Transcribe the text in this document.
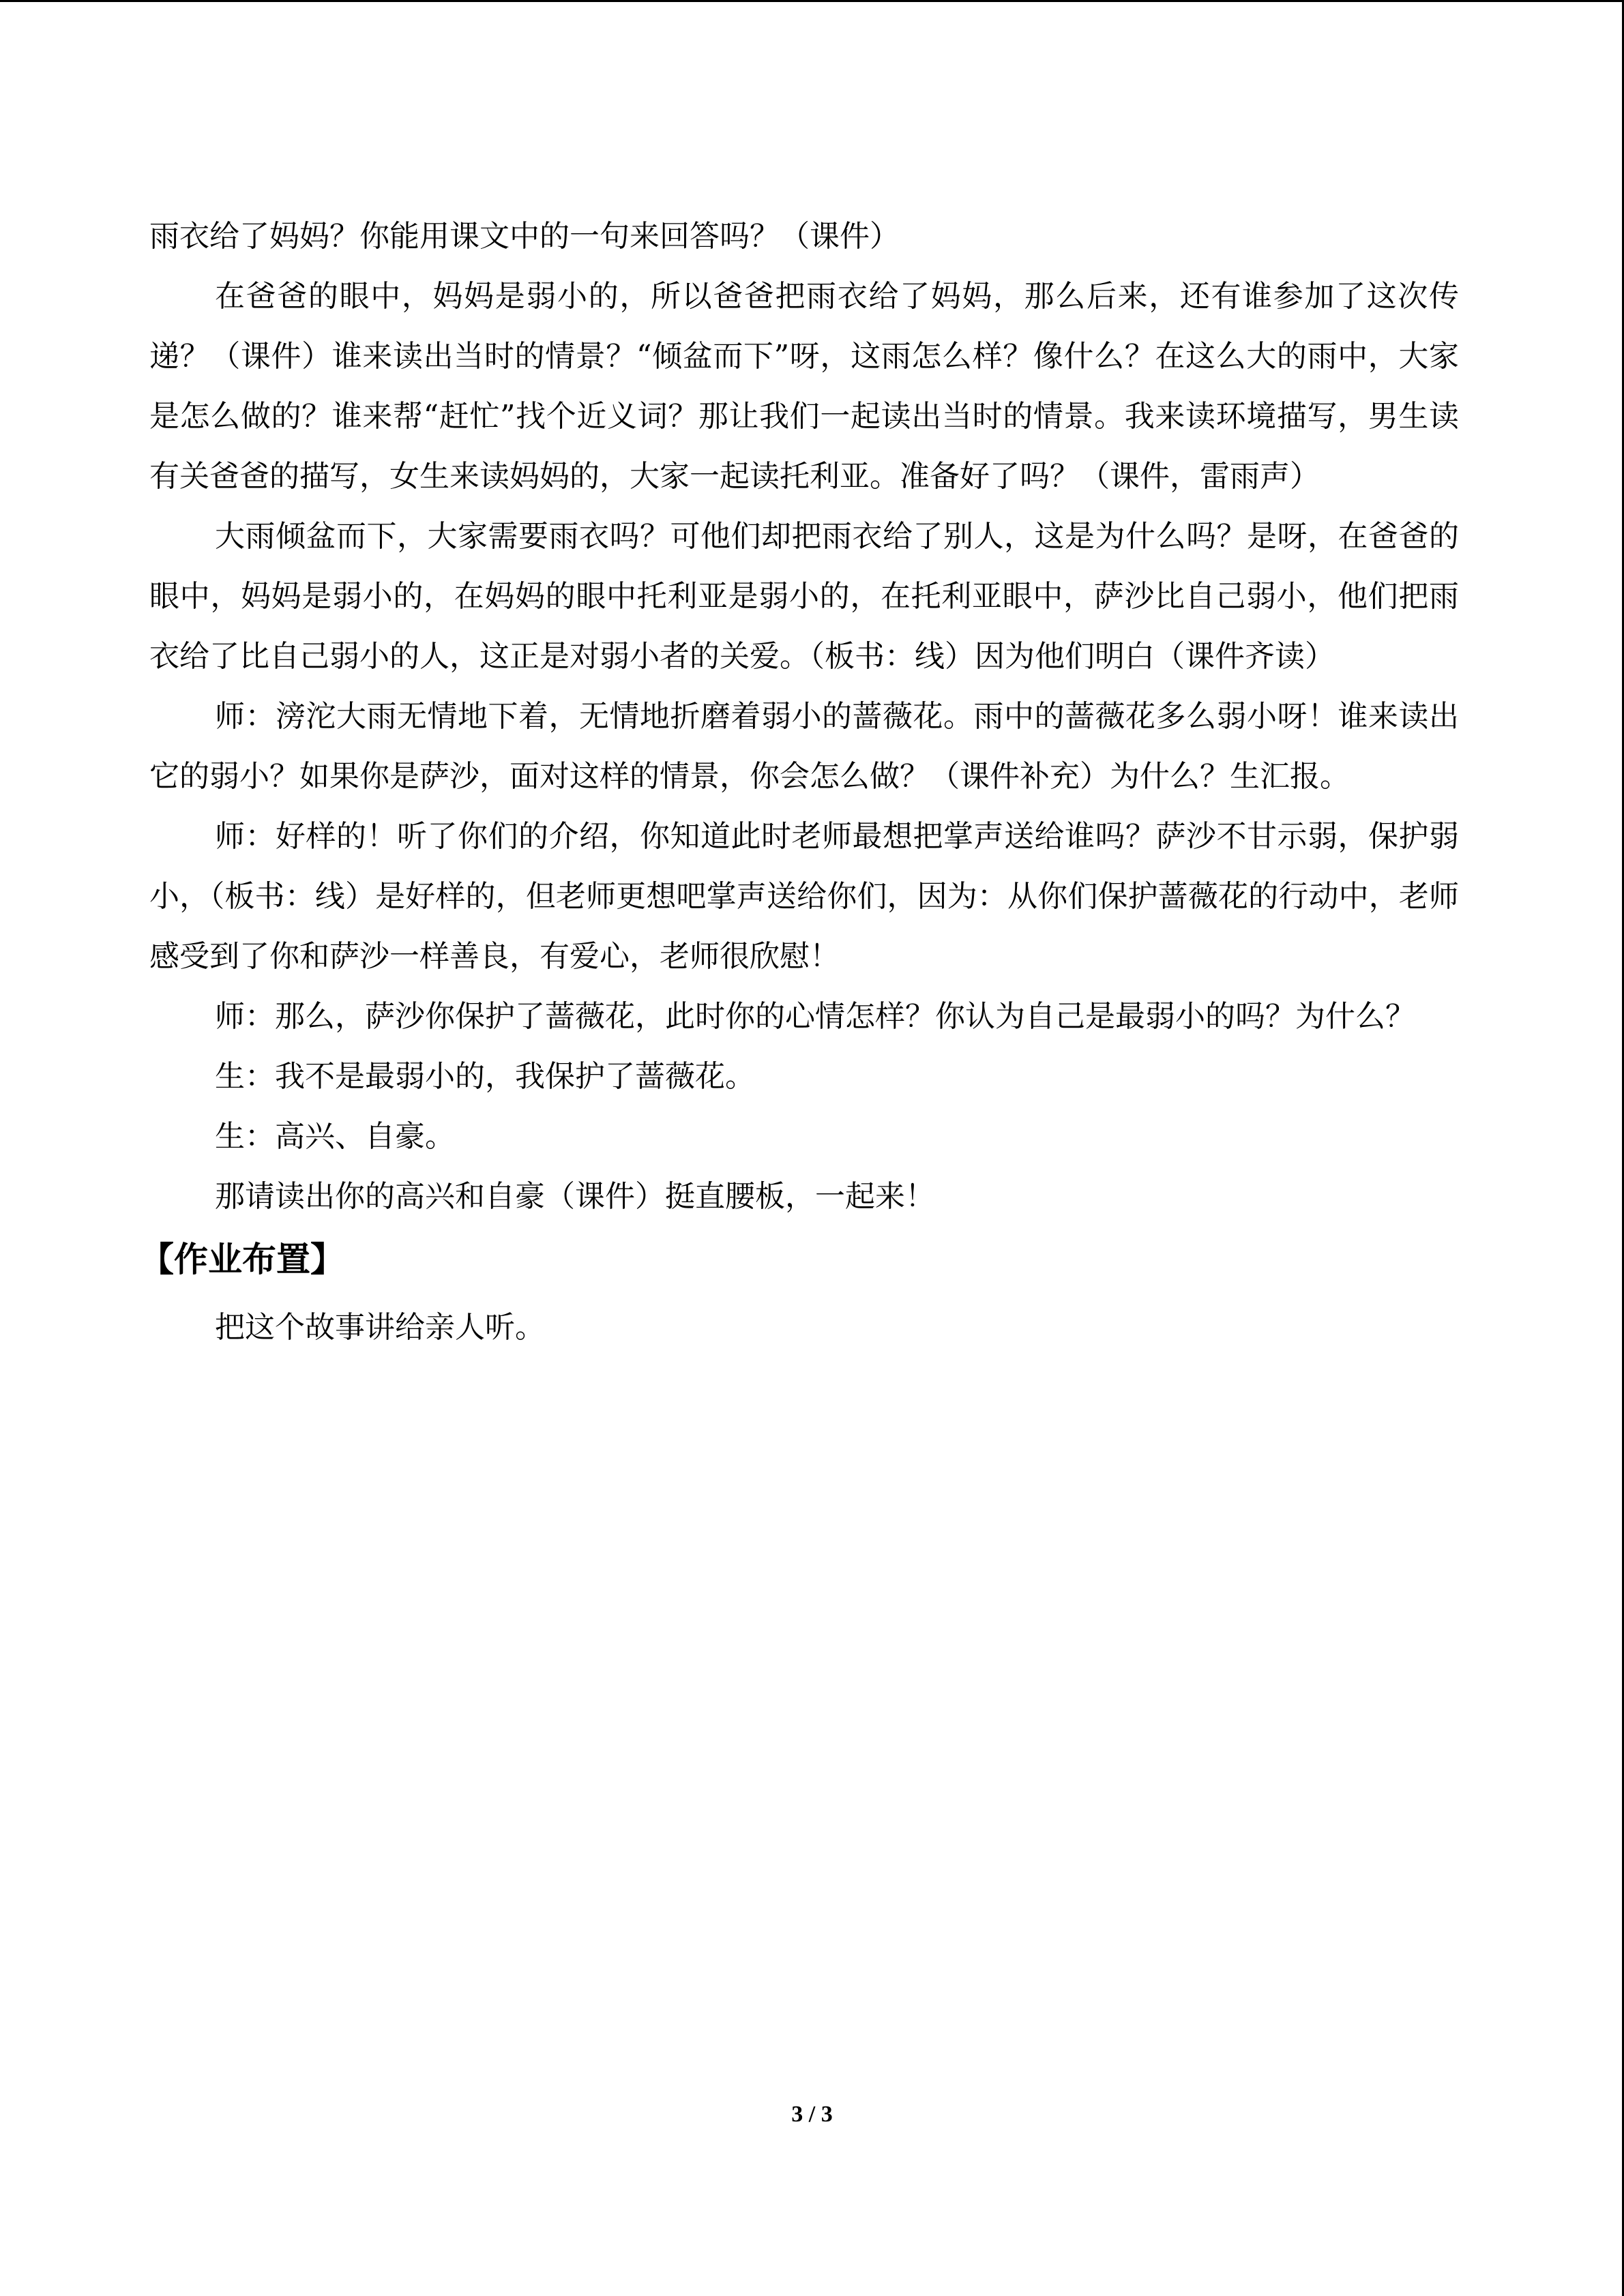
雨衣给了妈妈？你能用课文中的一句来回答吗？（课件）

在爸爸的眼中，妈妈是弱小的，所以爸爸把雨衣给了妈妈，那么后来，还有谁参加了这次传递？（课件）谁来读出当时的情景？“倾盆而下”呀，这雨怎么样？像什么？在这么大的雨中，大家是怎么做的？谁来帮“赶忙”找个近义词？那让我们一起读出当时的情景。我来读环境描写，男生读有关爸爸的描写，女生来读妈妈的，大家一起读托利亚。准备好了吗？（课件，雷雨声）

大雨倾盆而下，大家需要雨衣吗？可他们却把雨衣给了别人，这是为什么吗？是呀，在爸爸的眼中，妈妈是弱小的，在妈妈的眼中托利亚是弱小的，在托利亚眼中，萨沙比自己弱小，他们把雨衣给了比自己弱小的人，这正是对弱小者的关爱。（板书：线）因为他们明白（课件齐读）

师：滂沱大雨无情地下着，无情地折磨着弱小的蔷薇花。雨中的蔷薇花多么弱小呀！谁来读出它的弱小？如果你是萨沙，面对这样的情景，你会怎么做？（课件补充）为什么？生汇报。

师：好样的！听了你们的介绍，你知道此时老师最想把掌声送给谁吗？萨沙不甘示弱，保护弱小，（板书：线）是好样的，但老师更想吧掌声送给你们，因为：从你们保护蔷薇花的行动中，老师感受到了你和萨沙一样善良，有爱心，老师很欣慰！

师：那么，萨沙你保护了蔷薇花，此时你的心情怎样？你认为自己是最弱小的吗？为什么？

生：我不是最弱小的，我保护了蔷薇花。

生：高兴、自豪。

那请读出你的高兴和自豪（课件）挺直腰板，一起来！

【作业布置】

把这个故事讲给亲人听。

3 / 3
